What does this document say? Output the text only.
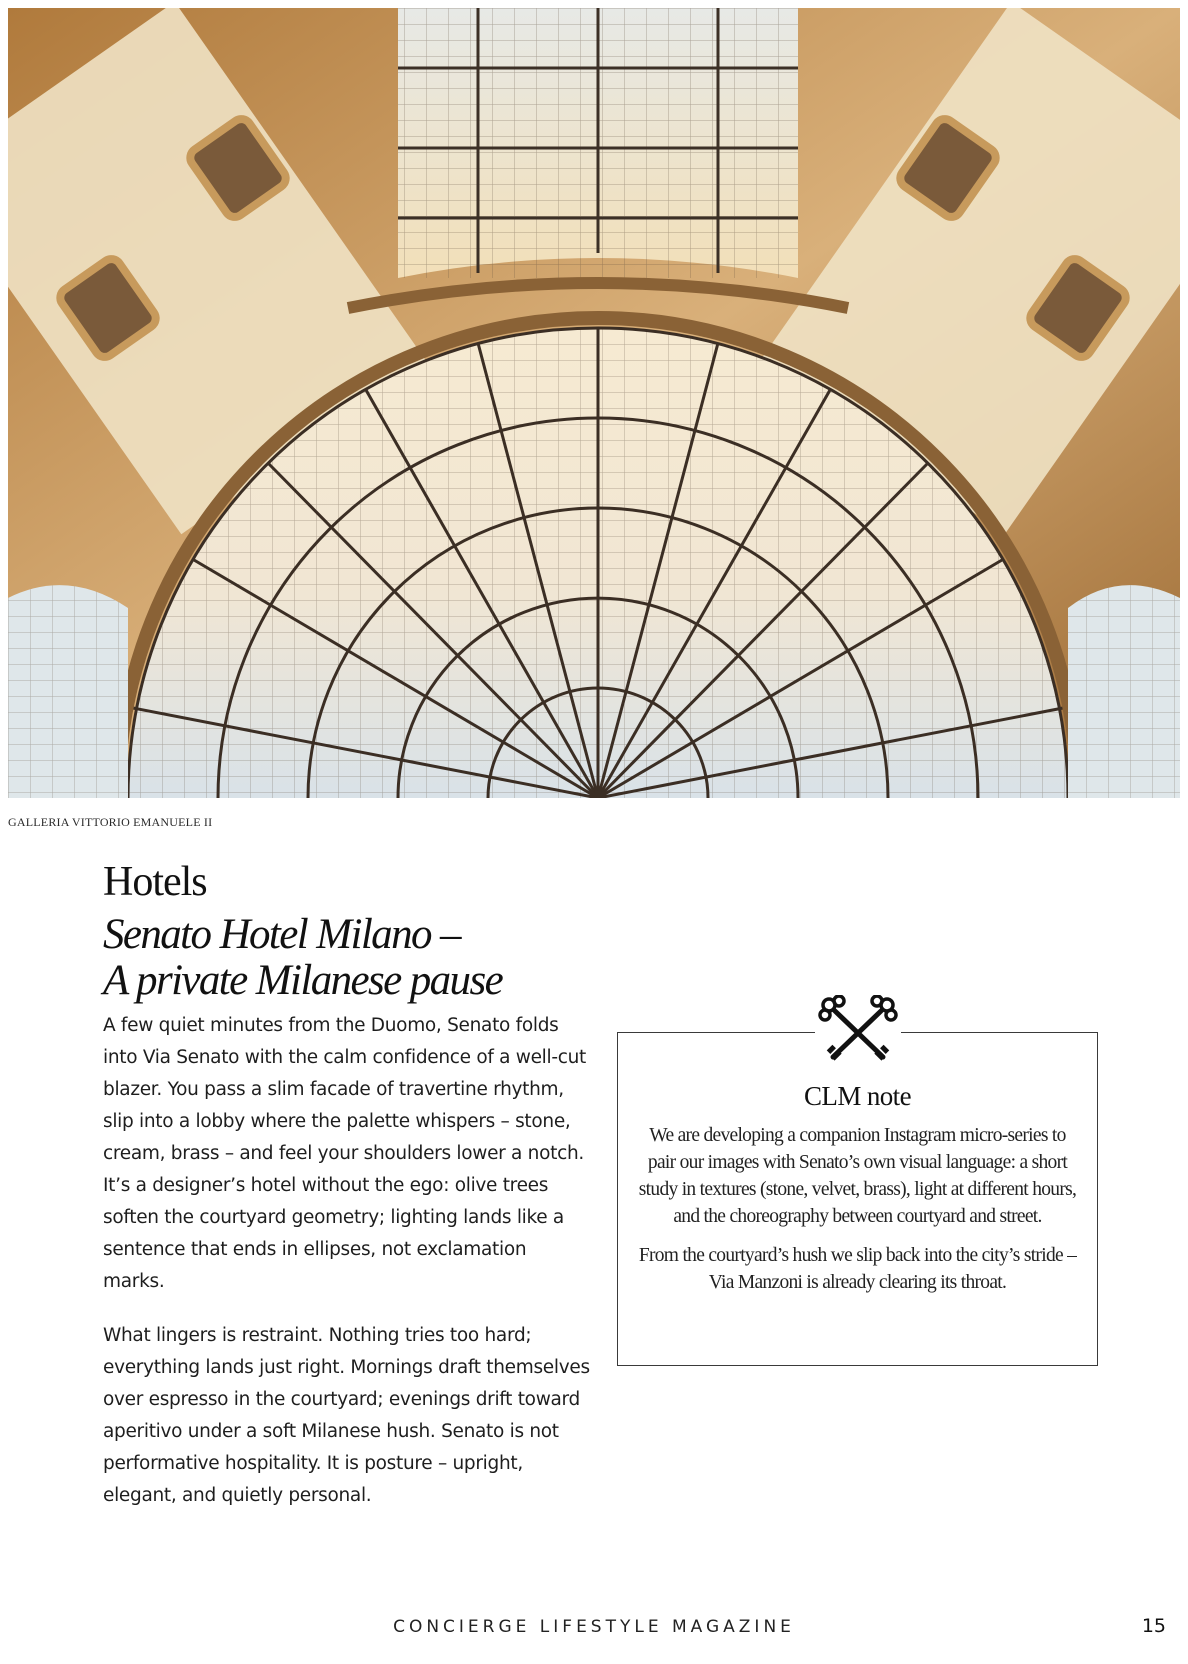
GALLERIA VITTORIO EMANUELE II
Hotels
Senato Hotel Milano –
A private Milanese pause

A few quiet minutes from the Duomo, Senato folds into Via Senato with the calm confidence of a well-cut blazer. You pass a slim facade of travertine rhythm, slip into a lobby where the palette whispers – stone, cream, brass – and feel your shoulders lower a notch. It’s a designer’s hotel without the ego: olive trees soften the courtyard geometry; lighting lands like a sentence that ends in ellipses, not exclamation marks.

What lingers is restraint. Nothing tries too hard; everything lands just right. Mornings draft themselves over espresso in the courtyard; evenings drift toward aperitivo under a soft Milanese hush. Senato is not performative hospitality. It is posture – upright, elegant, and quietly personal.

CLM note

We are developing a companion Instagram micro-series to pair our images with Senato’s own visual language: a short study in textures (stone, velvet, brass), light at different hours, and the choreography between courtyard and street.

From the courtyard’s hush we slip back into the city’s stride – Via Manzoni is already clearing its throat.

CONCIERGE LIFESTYLE MAGAZINE	15
